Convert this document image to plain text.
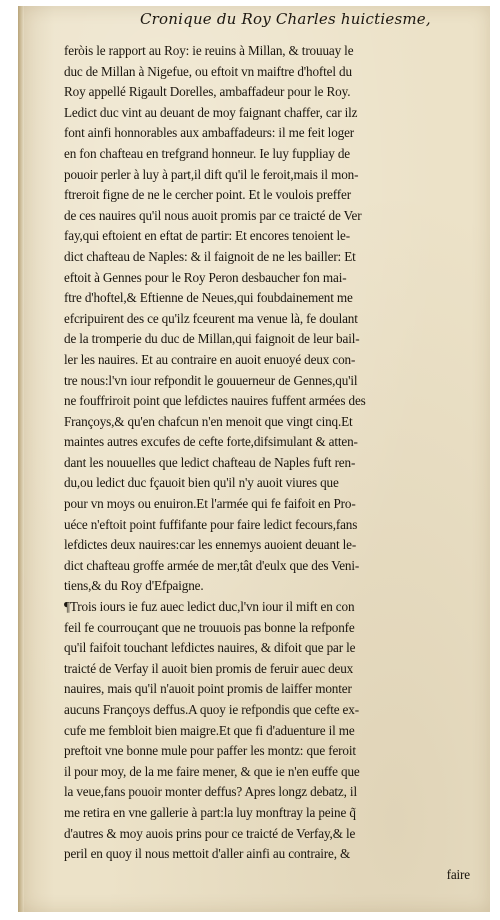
Cronique du Roy Charles huictiesme,
feròis le rapport au Roy: ie reuins à Millan, & trouuay le
duc de Millan à Nigefue, ou eftoit vn maiftre d'hoftel du
Roy appellé Rigault Dorelles, ambaffadeur pour le Roy.
Ledict duc vint au deuant de moy faignant chaffer, car ilz
font ainfi honnorables aux ambaffadeurs: il me feit loger
en fon chafteau en trefgrand honneur. Ie luy fuppliay de
pouoir perler à luy à part,il dift qu'il le feroit,mais il mon-
ftreroit figne de ne le cercher point. Et le voulois preffer
de ces nauires qu'il nous auoit promis par ce traicté de Ver
fay,qui eftoient en eftat de partir: Et encores tenoient le-
dict chafteau de Naples: & il faignoit de ne les bailler: Et
eftoit à Gennes pour le Roy Peron desbaucher fon mai-
ftre d'hoftel,& Eftienne de Neues,qui foubdainement me
efcripuirent des ce qu'ilz fceurent ma venue là, fe doulant
de la tromperie du duc de Millan,qui faignoit de leur bail-
ler les nauires. Et au contraire en auoit enuoyé deux con-
tre nous:l'vn iour refpondit le gouuerneur de Gennes,qu'il
ne fouffriroit point que lefdictes nauires fuffent armées des
Françoys,& qu'en chafcun n'en menoit que vingt cinq.Et
maintes autres excufes de cefte forte,difsimulant & atten-
dant les nouuelles que ledict chafteau de Naples fuft ren-
du,ou ledict duc fçauoit bien qu'il n'y auoit viures que
pour vn moys ou enuiron.Et l'armée qui fe faifoit en Pro-
uéce n'eftoit point fuffifante pour faire ledict fecours,fans
lefdictes deux nauires:car les ennemys auoient deuant le-
dict chafteau groffe armée de mer,tât d'eulx que des Veni-
tiens,& du Roy d'Efpaigne.
¶Trois iours ie fuz auec ledict duc,l'vn iour il mift en con
feil fe courrouçant que ne trouuois pas bonne la refponfe
qu'il faifoit touchant lefdictes nauires, & difoit que par le
traicté de Verfay il auoit bien promis de feruir auec deux
nauires, mais qu'il n'auoit point promis de laiffer monter
aucuns Françoys deffus.A quoy ie refpondis que cefte ex-
cufe me fembloit bien maigre.Et que fi d'aduenture il me
preftoit vne bonne mule pour paffer les montz: que feroit
il pour moy, de la me faire mener, & que ie n'en euffe que
la veue,fans pouoir monter deffus? Apres longz debatz, il
me retira en vne gallerie à part:la luy monftray la peine q̃
d'autres & moy auois prins pour ce traicté de Verfay,& le
peril en quoy il nous mettoit d'aller ainfi au contraire, &
faire
